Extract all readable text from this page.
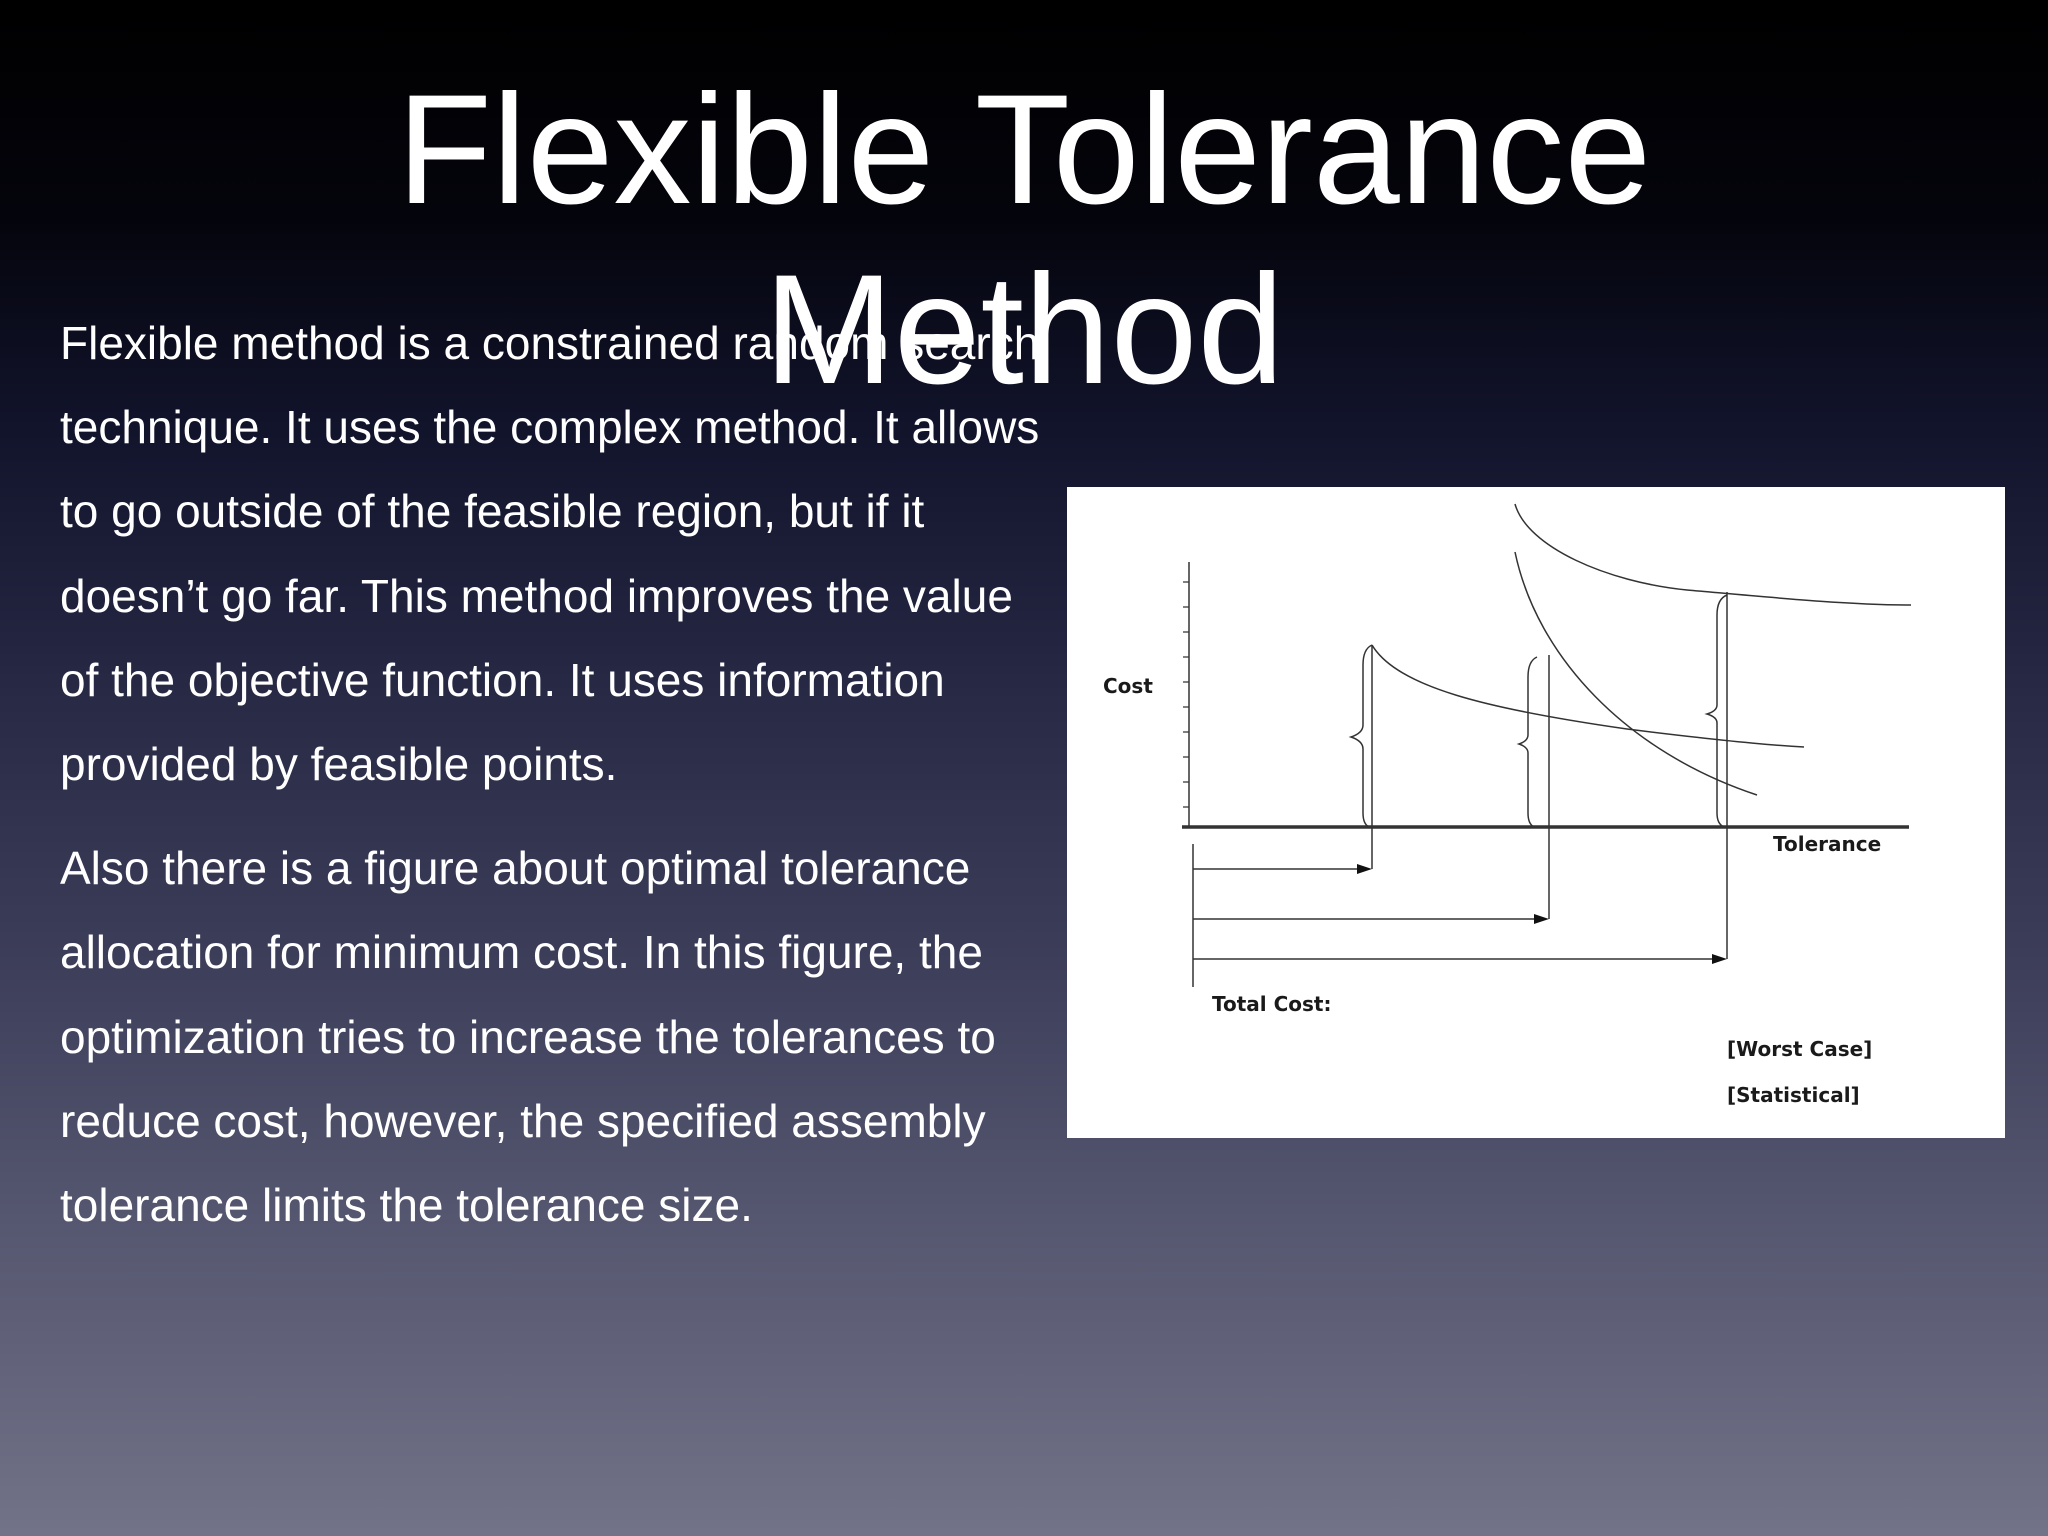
Flexible Tolerance
Method

Flexible method is a constrained random search technique. It uses the complex method. It allows to go outside of the feasible region, but if it doesn’t go far. This method improves the value of the objective function. It uses information provided by feasible points.

Also there is a figure about optimal tolerance allocation for minimum cost. In this figure, the optimization tries to increase the tolerances to reduce cost, however, the specified assembly tolerance limits the tolerance size.

Cost
Tolerance
Total Cost:
[Worst Case]
[Statistical]
